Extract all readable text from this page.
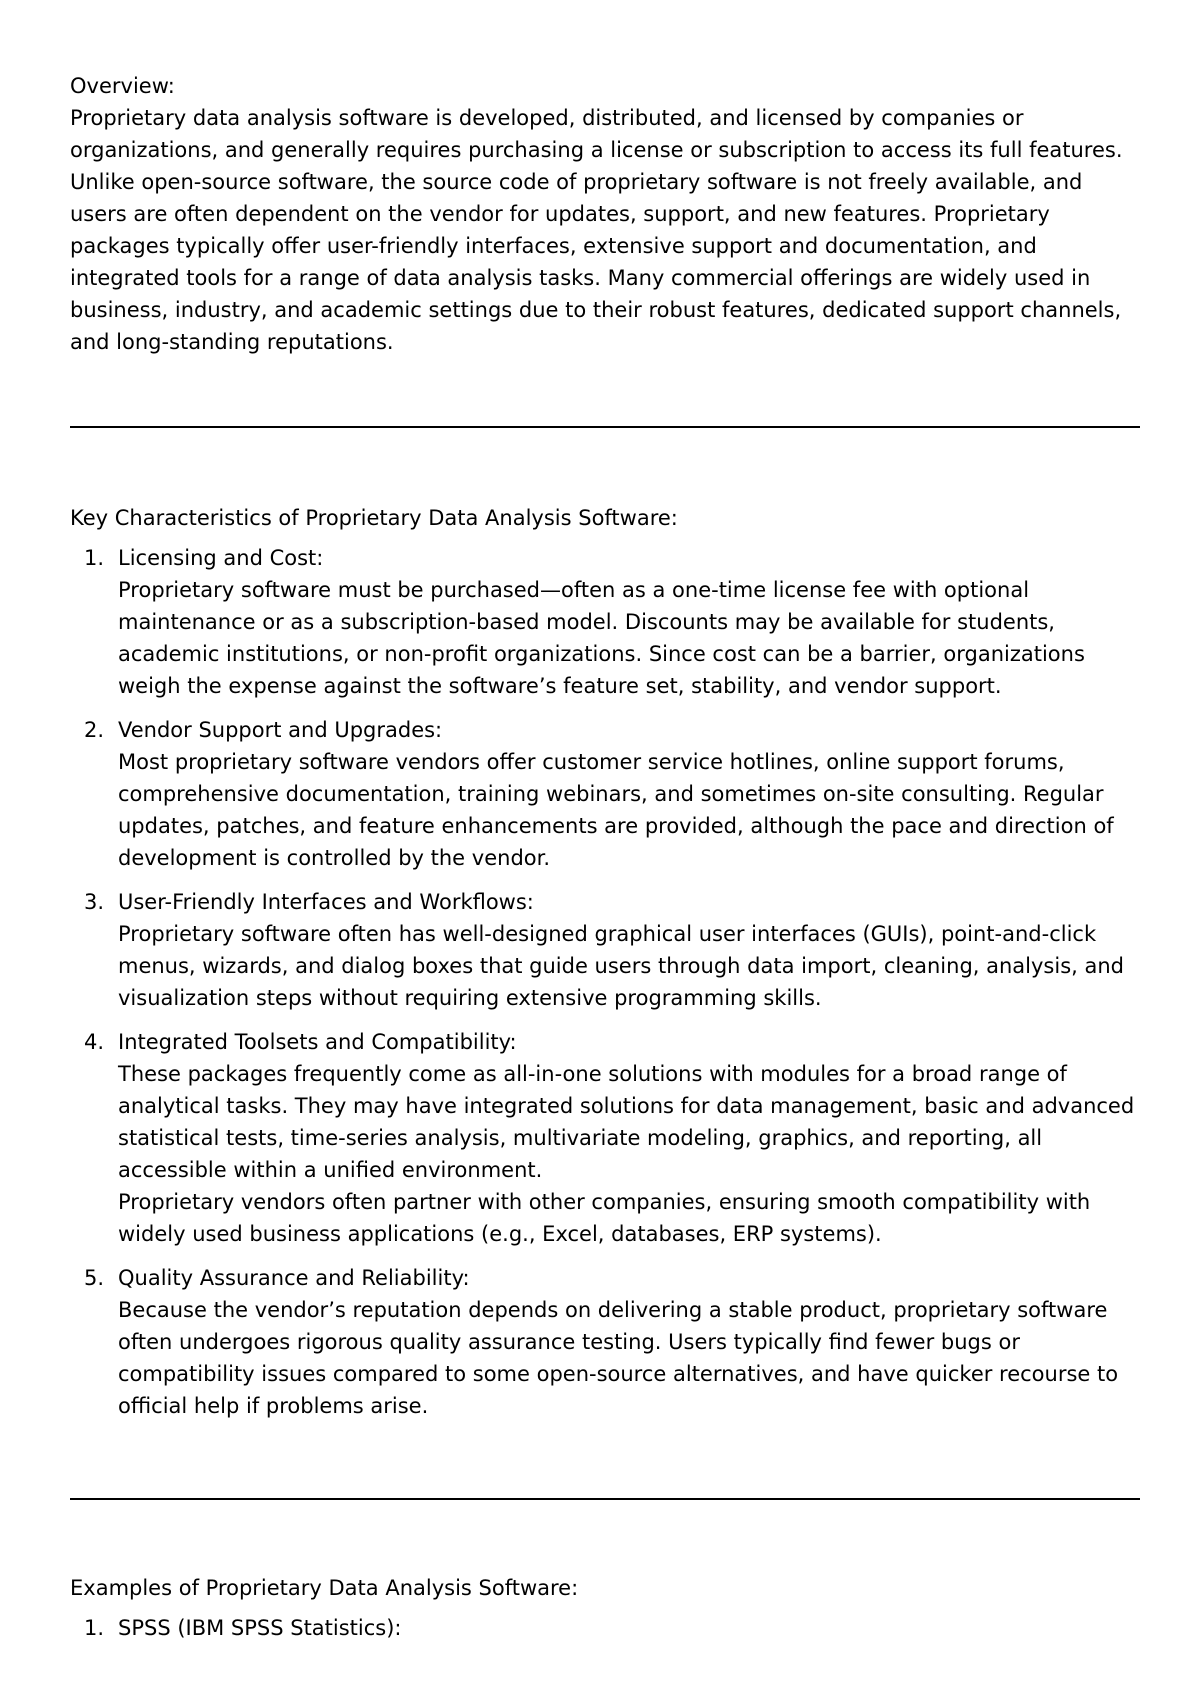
Overview:

Proprietary data analysis software is developed, distributed, and licensed by companies or organizations, and generally requires purchasing a license or subscription to access its full features. Unlike open-source software, the source code of proprietary software is not freely available, and users are often dependent on the vendor for updates, support, and new features. Proprietary packages typically offer user-friendly interfaces, extensive support and documentation, and integrated tools for a range of data analysis tasks. Many commercial offerings are widely used in business, industry, and academic settings due to their robust features, dedicated support channels, and long-standing reputations.

Key Characteristics of Proprietary Data Analysis Software:
1. Licensing and Cost:
Proprietary software must be purchased—often as a one-time license fee with optional maintenance or as a subscription-based model. Discounts may be available for students, academic institutions, or non-profit organizations. Since cost can be a barrier, organizations weigh the expense against the software’s feature set, stability, and vendor support.
2. Vendor Support and Upgrades:
Most proprietary software vendors offer customer service hotlines, online support forums, comprehensive documentation, training webinars, and sometimes on-site consulting. Regular updates, patches, and feature enhancements are provided, although the pace and direction of development is controlled by the vendor.
3. User-Friendly Interfaces and Workflows:
Proprietary software often has well-designed graphical user interfaces (GUIs), point-and-click menus, wizards, and dialog boxes that guide users through data import, cleaning, analysis, and visualization steps without requiring extensive programming skills.
4. Integrated Toolsets and Compatibility:
These packages frequently come as all-in-one solutions with modules for a broad range of analytical tasks. They may have integrated solutions for data management, basic and advanced statistical tests, time-series analysis, multivariate modeling, graphics, and reporting, all accessible within a unified environment.
Proprietary vendors often partner with other companies, ensuring smooth compatibility with widely used business applications (e.g., Excel, databases, ERP systems).
5. Quality Assurance and Reliability:
Because the vendor’s reputation depends on delivering a stable product, proprietary software often undergoes rigorous quality assurance testing. Users typically find fewer bugs or compatibility issues compared to some open-source alternatives, and have quicker recourse to official help if problems arise.
Examples of Proprietary Data Analysis Software:
1. SPSS (IBM SPSS Statistics):
